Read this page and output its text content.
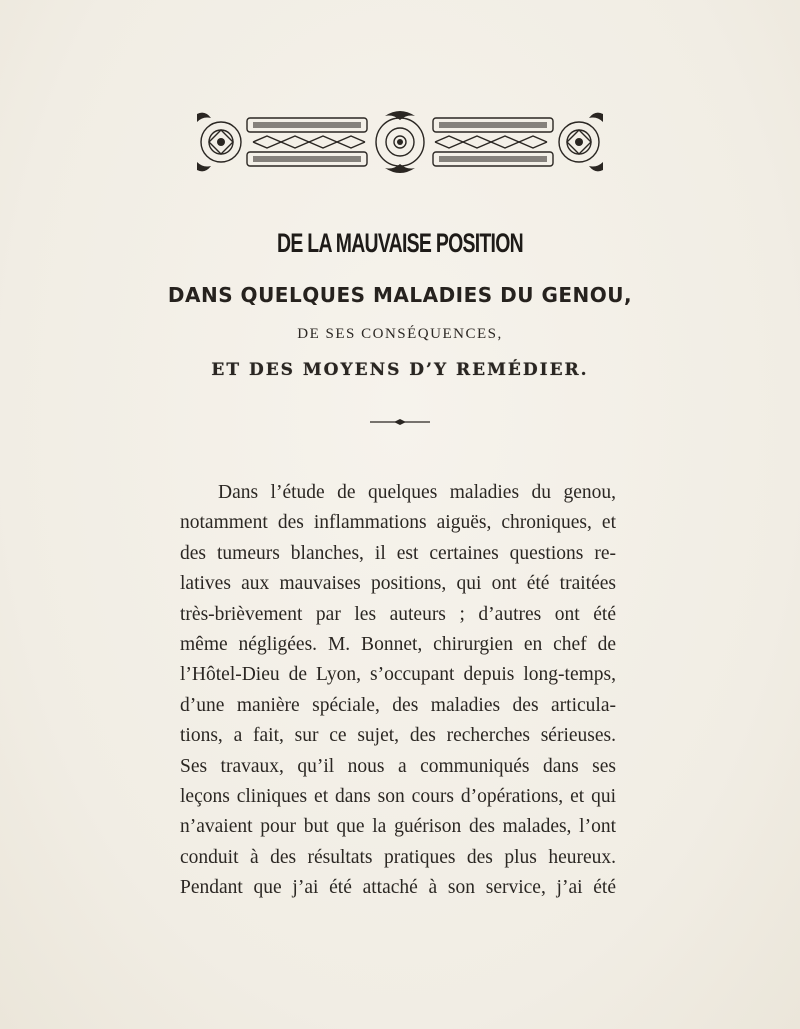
DE LA MAUVAISE POSITION
DANS QUELQUES MALADIES DU GENOU,
DE SES CONSÉQUENCES,
ET DES MOYENS D’Y REMÉDIER.
Dans l’étude de quelques maladies du genou,
notamment des inflammations aiguës, chroniques, et
des tumeurs blanches, il est certaines questions re-
latives aux mauvaises positions, qui ont été traitées
très-brièvement par les auteurs ; d’autres ont été
même négligées. M. Bonnet, chirurgien en chef de
l’Hôtel-Dieu de Lyon, s’occupant depuis long-temps,
d’une manière spéciale, des maladies des articula-
tions, a fait, sur ce sujet, des recherches sérieuses.
Ses travaux, qu’il nous a communiqués dans ses
leçons cliniques et dans son cours d’opérations, et qui
n’avaient pour but que la guérison des malades, l’ont
conduit à des résultats pratiques des plus heureux.
Pendant que j’ai été attaché à son service, j’ai été
